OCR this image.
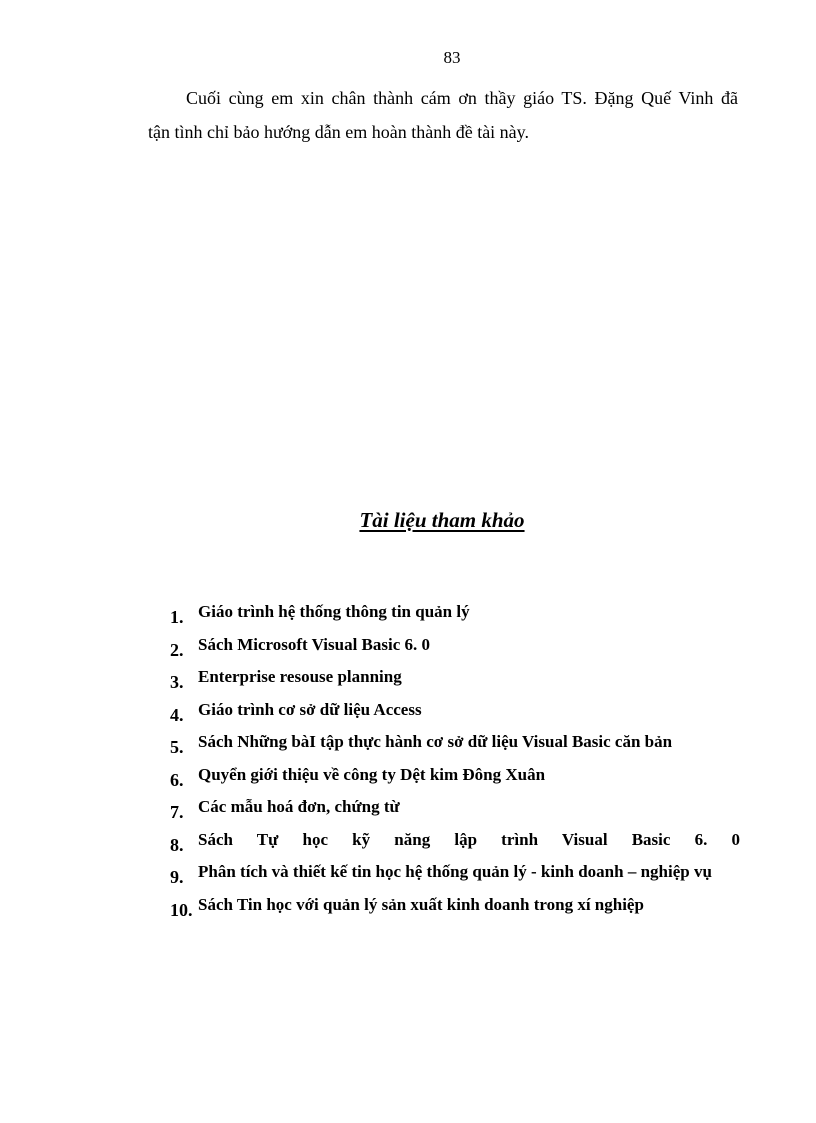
83
Cuối cùng em xin chân thành cám ơn thầy giáo TS. Đặng Quế Vinh đã
tận tình chỉ bảo hướng dẫn em hoàn thành đề tài này.
Tài liệu tham khảo
1. Giáo trình hệ thống thông tin quản lý
2. Sách Microsoft Visual Basic 6. 0
3. Enterprise resouse planning
4. Giáo trình cơ sở dữ liệu Access
5. Sách Những bàI tập thực hành cơ sở dữ liệu Visual Basic căn bản
6. Quyển giới thiệu về công ty Dệt kim Đông Xuân
7. Các mẫu hoá đơn, chứng từ
8. Sách Tự học kỹ năng lập trình Visual Basic 6. 0
9. Phân tích và thiết kế tin học hệ thống quản lý - kinh doanh – nghiệp vụ
10. Sách Tin học với quản lý sản xuất kinh doanh trong xí nghiệp
